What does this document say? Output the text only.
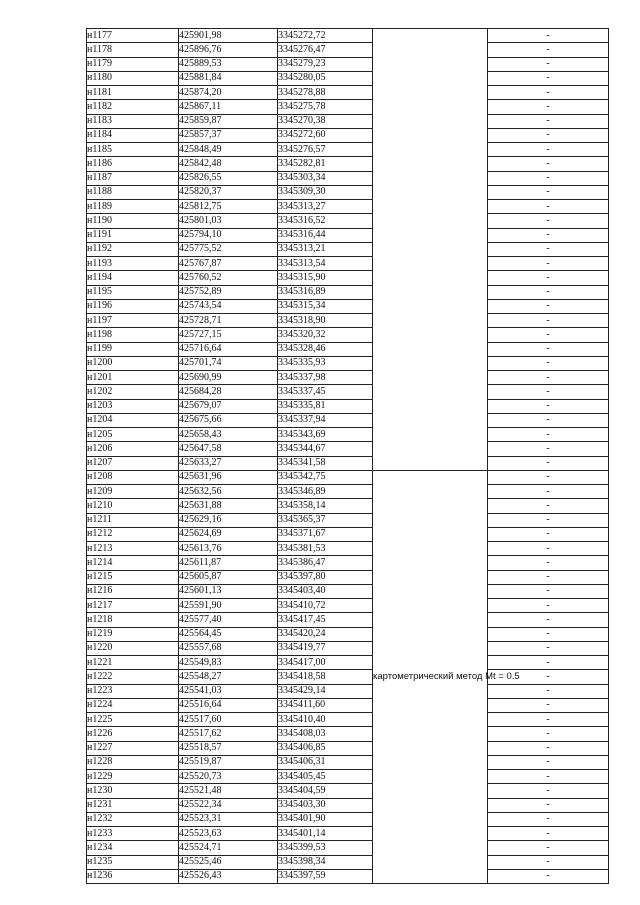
н1177	425901,98	3345272,72		-
н1178	425896,76	3345276,47		-
н1179	425889,53	3345279,23		-
н1180	425881,84	3345280,05		-
н1181	425874,20	3345278,88		-
н1182	425867,11	3345275,78		-
н1183	425859,87	3345270,38		-
н1184	425857,37	3345272,60		-
н1185	425848,49	3345276,57		-
н1186	425842,48	3345282,81		-
н1187	425826,55	3345303,34		-
н1188	425820,37	3345309,30		-
н1189	425812,75	3345313,27		-
н1190	425801,03	3345316,52		-
н1191	425794,10	3345316,44		-
н1192	425775,52	3345313,21		-
н1193	425767,87	3345313,54		-
н1194	425760,52	3345315,90		-
н1195	425752,89	3345316,89		-
н1196	425743,54	3345315,34		-
н1197	425728,71	3345318,90		-
н1198	425727,15	3345320,32		-
н1199	425716,64	3345328,46		-
н1200	425701,74	3345335,93		-
н1201	425690,99	3345337,98		-
н1202	425684,28	3345337,45		-
н1203	425679,07	3345335,81		-
н1204	425675,66	3345337,94		-
н1205	425658,43	3345343,69		-
н1206	425647,58	3345344,67		-
н1207	425633,27	3345341,58		-
н1208	425631,96	3345342,75	картометрический метод Mt = 0.5	-
н1209	425632,56	3345346,89		-
н1210	425631,88	3345358,14		-
н1211	425629,16	3345365,37		-
н1212	425624,69	3345371,67		-
н1213	425613,76	3345381,53		-
н1214	425611,87	3345386,47		-
н1215	425605,87	3345397,80		-
н1216	425601,13	3345403,40		-
н1217	425591,90	3345410,72		-
н1218	425577,40	3345417,45		-
н1219	425564,45	3345420,24		-
н1220	425557,68	3345419,77		-
н1221	425549,83	3345417,00		-
н1222	425548,27	3345418,58		-
н1223	425541,03	3345429,14		-
н1224	425516,64	3345411,60		-
н1225	425517,60	3345410,40		-
н1226	425517,62	3345408,03		-
н1227	425518,57	3345406,85		-
н1228	425519,87	3345406,31		-
н1229	425520,73	3345405,45		-
н1230	425521,48	3345404,59		-
н1231	425522,34	3345403,30		-
н1232	425523,31	3345401,90		-
н1233	425523,63	3345401,14		-
н1234	425524,71	3345399,53		-
н1235	425525,46	3345398,34		-
н1236	425526,43	3345397,59		-
